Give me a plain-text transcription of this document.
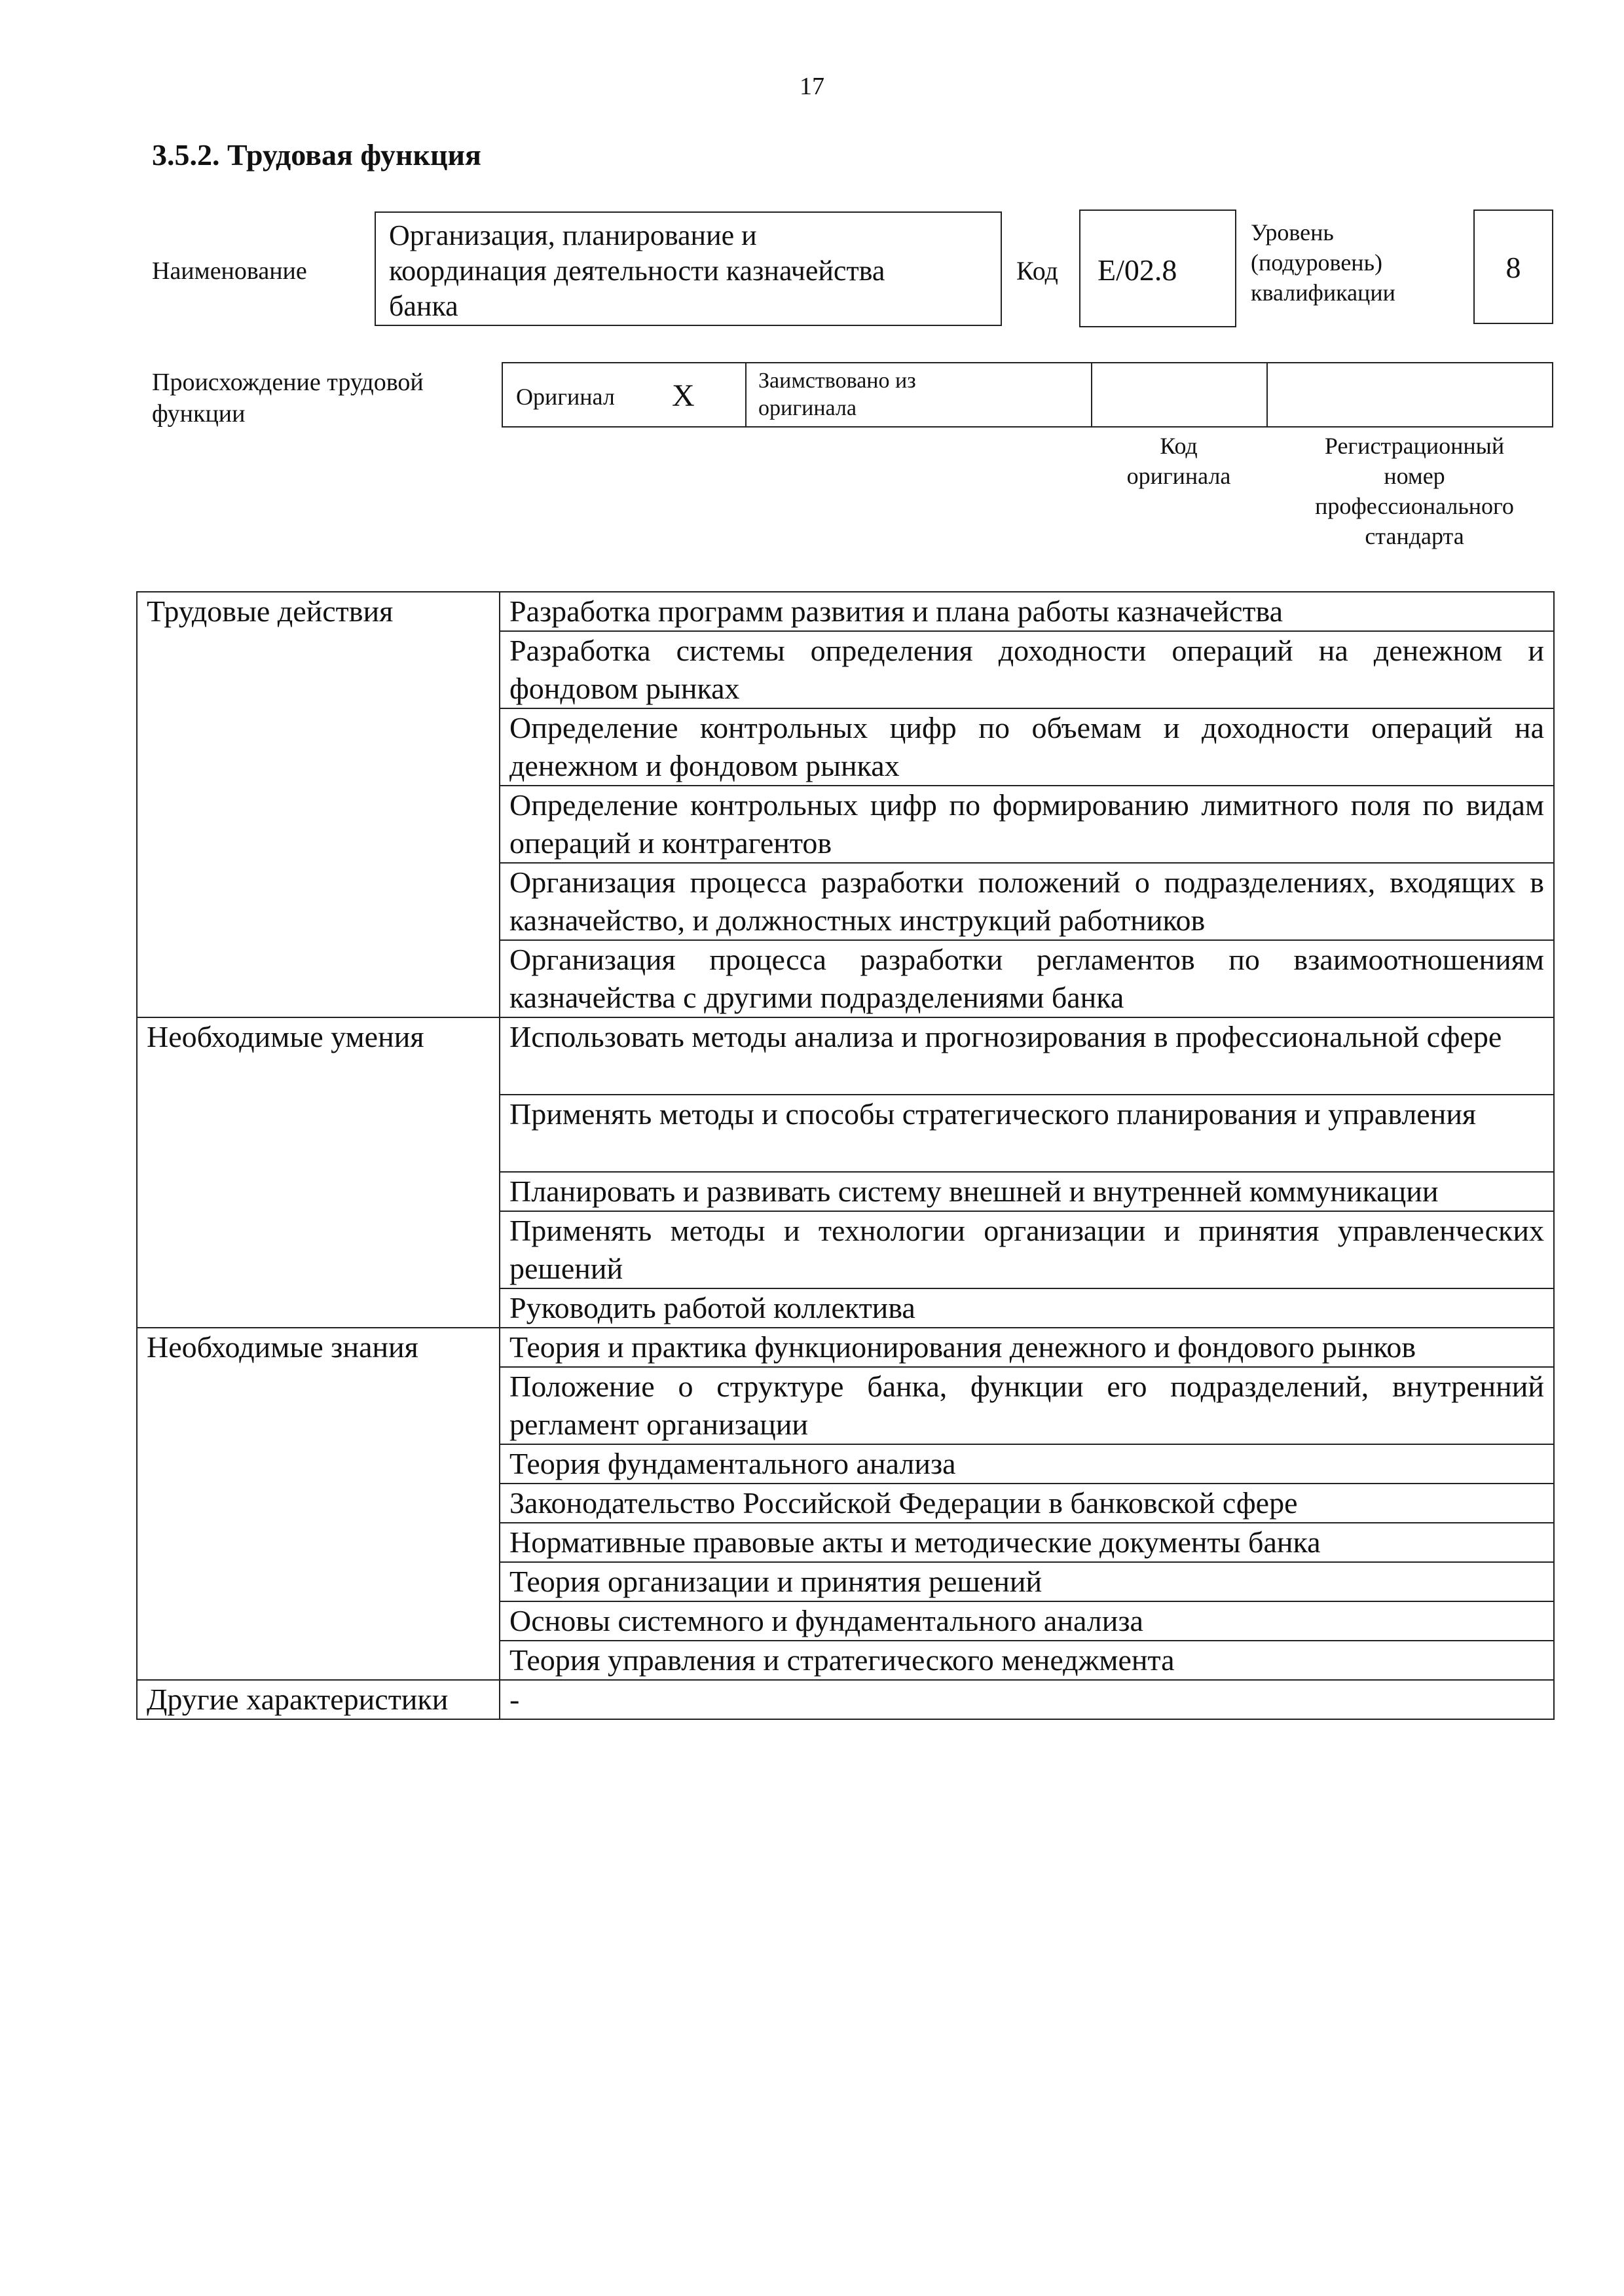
17
3.5.2. Трудовая функция
Наименование
Организация, планирование и
координация деятельности казначейства
банка
Код	E/02.8
Уровень
(подуровень)
квалификации
8
Происхождение трудовой
функции
Оригинал X	Заимствовано из
оригинала
Код
оригинала
Регистрационный
номер
профессионального
стандарта
Трудовые действия	Разработка программ развития и плана работы казначейства
	Разработка системы определения доходности операций на денежном и фондовом рынках
	Определение контрольных цифр по объемам и доходности операций на денежном и фондовом рынках
	Определение контрольных цифр по формированию лимитного поля по видам операций и контрагентов
	Организация процесса разработки положений о подразделениях, входящих в казначейство, и должностных инструкций работников
	Организация процесса разработки регламентов по взаимоотношениям казначейства с другими подразделениями банка
Необходимые умения	Использовать методы анализа и прогнозирования в профессиональной сфере
	Применять методы и способы стратегического планирования и управления
	Планировать и развивать систему внешней и внутренней коммуникации
	Применять методы и технологии организации и принятия управленческих решений
	Руководить работой коллектива
Необходимые знания	Теория и практика функционирования денежного и фондового рынков
	Положение о структуре банка, функции его подразделений, внутренний регламент организации
	Теория фундаментального анализа
	Законодательство Российской Федерации в банковской сфере
	Нормативные правовые акты и методические документы банка
	Теория организации и принятия решений
	Основы системного и фундаментального анализа
	Теория управления и стратегического менеджмента
Другие характеристики	-
